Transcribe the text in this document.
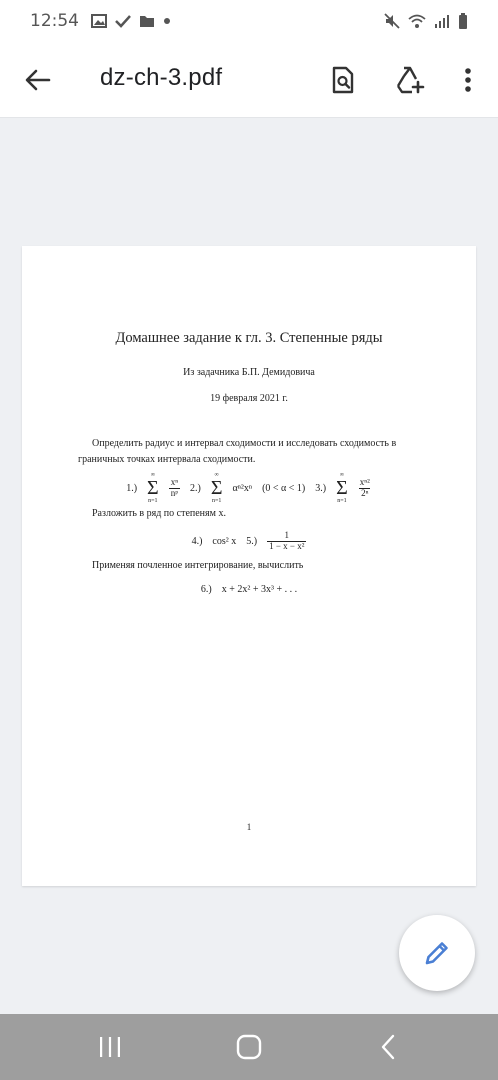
12:54
dz-ch-3.pdf
Домашнее задание к гл. 3. Степенные ряды
Из задачника Б.П. Демидовича
19 февраля 2021 г.
Определить радиус и интервал сходимости и исследовать сходимость в граничных точках интервала сходимости.
1.)
∞
Σ
n=1
$\frac{\text{xⁿ}}{\text{nᵖ}} 2$.)
∞
Σ
n=1
αⁿ²xⁿ (0 < α < 1) 3.)
∞
Σ
n=1
$\frac{\text{xⁿ²}}{\text{2ⁿ}}$
Разложить в ряд по степеням x.
4.) cos² x $5.) \frac{1}{\text{1 − x − x²}}$
Применяя почленное интегрирование, вычислить
6.) x + 2x² + 3x³ + . . .
1
